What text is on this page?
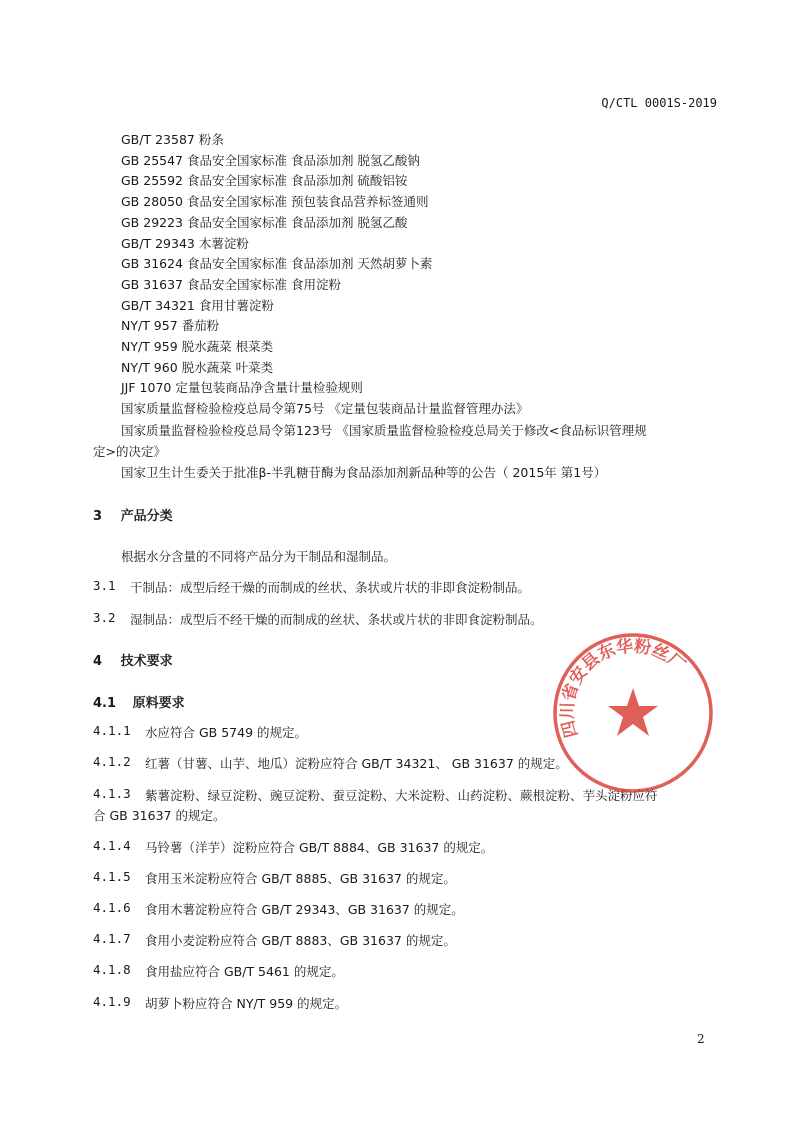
Q/CTL 0001S-2019
GB/T 23587 粉条
GB 25547 食品安全国家标准 食品添加剂 脱氢乙酸钠
GB 25592 食品安全国家标准 食品添加剂 硫酸铝铵
GB 28050 食品安全国家标准 预包装食品营养标签通则
GB 29223 食品安全国家标准 食品添加剂 脱氢乙酸
GB/T 29343 木薯淀粉
GB 31624 食品安全国家标准 食品添加剂 天然胡萝卜素
GB 31637 食品安全国家标准 食用淀粉
GB/T 34321 食用甘薯淀粉
NY/T 957 番茄粉
NY/T 959 脱水蔬菜 根菜类
NY/T 960 脱水蔬菜 叶菜类
JJF 1070 定量包装商品净含量计量检验规则
国家质量监督检验检疫总局令第75号 《定量包装商品计量监督管理办法》
国家质量监督检验检疫总局令第123号 《国家质量监督检验检疫总局关于修改<食品标识管理规
定>的决定》
国家卫生计生委关于批准β-半乳糖苷酶为食品添加剂新品种等的公告（ 2015年 第1号）
3 产品分类
根据水分含量的不同将产品分为干制品和湿制品。
3.1 干制品：成型后经干燥的而制成的丝状、条状或片状的非即食淀粉制品。
3.2 湿制品：成型后不经干燥的而制成的丝状、条状或片状的非即食淀粉制品。
4 技术要求
4.1 原料要求
4.1.1 水应符合 GB 5749 的规定。
4.1.2 红薯（甘薯、山芋、地瓜）淀粉应符合 GB/T 34321、 GB 31637 的规定。
4.1.3 紫薯淀粉、绿豆淀粉、豌豆淀粉、蚕豆淀粉、大米淀粉、山药淀粉、蕨根淀粉、芋头淀粉应符
合 GB 31637 的规定。
4.1.4 马铃薯（洋芋）淀粉应符合 GB/T 8884、GB 31637 的规定。
4.1.5 食用玉米淀粉应符合 GB/T 8885、GB 31637 的规定。
4.1.6 食用木薯淀粉应符合 GB/T 29343、GB 31637 的规定。
4.1.7 食用小麦淀粉应符合 GB/T 8883、GB 31637 的规定。
4.1.8 食用盐应符合 GB/T 5461 的规定。
4.1.9 胡萝卜粉应符合 NY/T 959 的规定。
四川省安县东华粉丝厂
2
